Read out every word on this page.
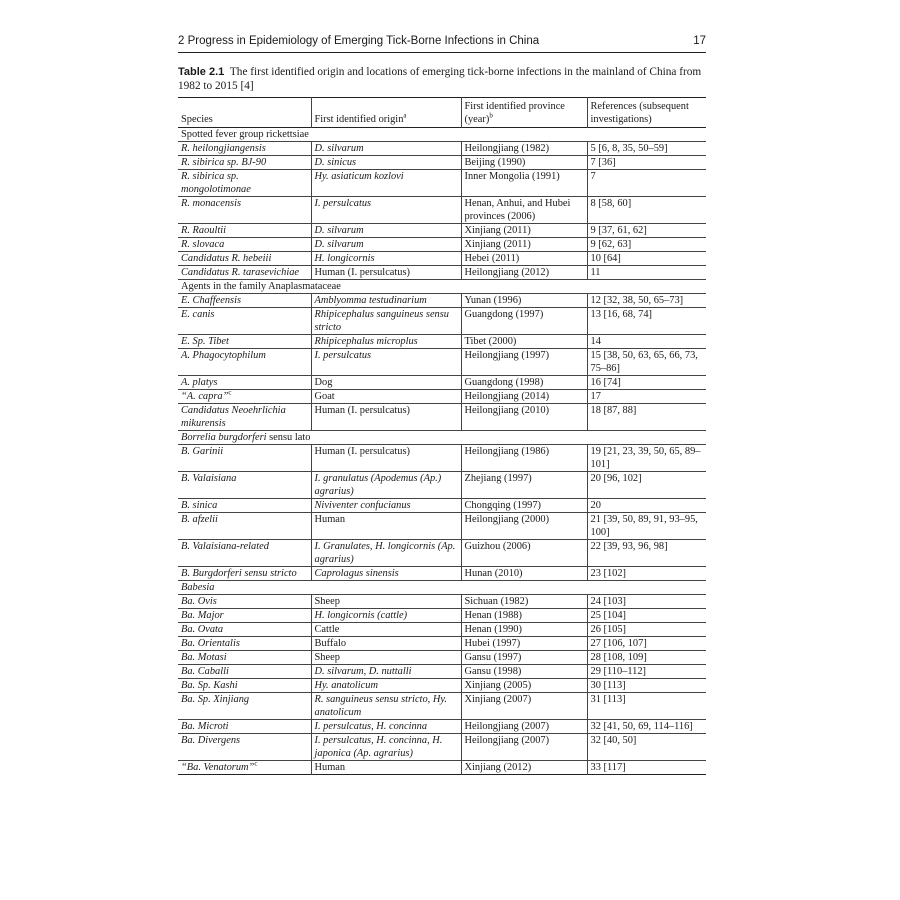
2 Progress in Epidemiology of Emerging Tick-Borne Infections in China	17
Table 2.1 The first identified origin and locations of emerging tick-borne infections in the mainland of China from 1982 to 2015 [4]
Species	First identified origin$^a$	First identified province (year)$^b$	References (subsequent investigations)
Spotted fever group rickettsiae			
R. heilongjiangensis	D. silvarum	Heilongjiang (1982)	5 [6, 8, 35, 50–59]
R. sibirica sp. BJ-90	D. sinicus	Beijing (1990)	7 [36]
R. sibirica sp. mongolotimonae	Hy. asiaticum kozlovi	Inner Mongolia (1991)	7
R. monacensis	I. persulcatus	Henan, Anhui, and Hubei provinces (2006)	8 [58, 60]
R. Raoultii	D. silvarum	Xinjiang (2011)	9 [37, 61, 62]
R. slovaca	D. silvarum	Xinjiang (2011)	9 [62, 63]
Candidatus R. hebeiii	H. longicornis	Hebei (2011)	10 [64]
Candidatus R. tarasevichiae	Human (I. persulcatus)	Heilongjiang (2012)	11
Agents in the family Anaplasmataceae			
E. Chaffeensis	Amblyomma testudinarium	Yunan (1996)	12 [32, 38, 50, 65–73]
E. canis	Rhipicephalus sanguineus sensu stricto	Guangdong (1997)	13 [16, 68, 74]
E. Sp. Tibet	Rhipicephalus microplus	Tibet (2000)	14
A. Phagocytophilum	I. persulcatus	Heilongjiang (1997)	15 [38, 50, 63, 65, 66, 73, 75–86]
A. platys	Dog	Guangdong (1998)	16 [74]
“A. capra”$^c$	Goat	Heilongjiang (2014)	17
Candidatus Neoehrlichia mikurensis	Human (I. persulcatus)	Heilongjiang (2010)	18 [87, 88]
Borrelia burgdorferi sensu lato			
B. Garinii	Human (I. persulcatus)	Heilongjiang (1986)	19 [21, 23, 39, 50, 65, 89–101]
B. Valaisiana	I. granulatus (Apodemus (Ap.) agrarius)	Zhejiang (1997)	20 [96, 102]
B. sinica	Niviventer confucianus	Chongqing (1997)	20
B. afzelii	Human	Heilongjiang (2000)	21 [39, 50, 89, 91, 93–95, 100]
B. Valaisiana-related	I. Granulates, H. longicornis (Ap. agrarius)	Guizhou (2006)	22 [39, 93, 96, 98]
B. Burgdorferi sensu stricto	Caprolagus sinensis	Hunan (2010)	23 [102]
Babesia			
Ba. Ovis	Sheep	Sichuan (1982)	24 [103]
Ba. Major	H. longicornis (cattle)	Henan (1988)	25 [104]
Ba. Ovata	Cattle	Henan (1990)	26 [105]
Ba. Orientalis	Buffalo	Hubei (1997)	27 [106, 107]
Ba. Motasi	Sheep	Gansu (1997)	28 [108, 109]
Ba. Caballi	D. silvarum, D. nuttalli	Gansu (1998)	29 [110–112]
Ba. Sp. Kashi	Hy. anatolicum	Xinjiang (2005)	30 [113]
Ba. Sp. Xinjiang	R. sanguineus sensu stricto, Hy. anatolicum	Xinjiang (2007)	31 [113]
Ba. Microti	I. persulcatus, H. concinna	Heilongjiang (2007)	32 [41, 50, 69, 114–116]
Ba. Divergens	I. persulcatus, H. concinna, H. japonica (Ap. agrarius)	Heilongjiang (2007)	32 [40, 50]
“Ba. Venatorum”$^c$	Human	Xinjiang (2012)	33 [117]
